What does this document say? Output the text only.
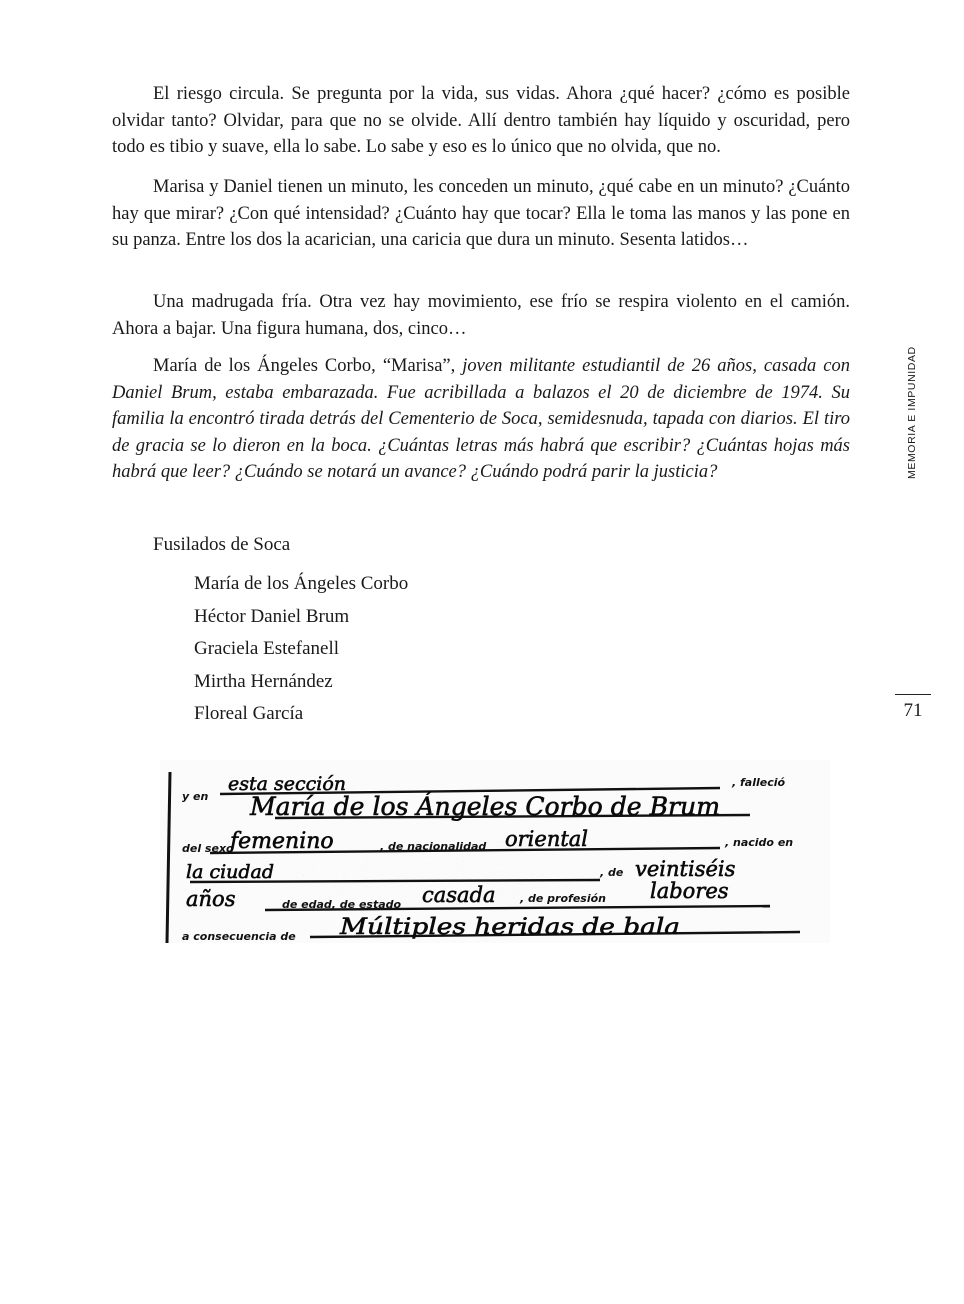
El riesgo circula. Se pregunta por la vida, sus vidas. Ahora ¿qué hacer? ¿cómo es posible olvidar tanto? Olvidar, para que no se olvide. Allí dentro también hay líquido y oscuridad, pero todo es tibio y suave, ella lo sabe. Lo sabe y eso es lo único que no olvida, que no.

Marisa y Daniel tienen un minuto, les conceden un minuto, ¿qué cabe en un minuto? ¿Cuánto hay que mirar? ¿Con qué intensidad? ¿Cuánto hay que tocar? Ella le toma las manos y las pone en su panza. Entre los dos la acarician, una caricia que dura un minuto. Sesenta latidos…

Una madrugada fría. Otra vez hay movimiento, ese frío se respira violento en el camión. Ahora a bajar. Una figura humana, dos, cinco…

María de los Ángeles Corbo, “Marisa”, joven militante estudiantil de 26 años, casada con Daniel Brum, estaba embarazada. Fue acribillada a balazos el 20 de diciembre de 1974. Su familia la encontró tirada detrás del Cementerio de Soca, semidesnuda, tapada con diarios. El tiro de gracia se lo dieron en la boca. ¿Cuántas letras más habrá que escribir? ¿Cuántas hojas más habrá que leer? ¿Cuándo se notará un avance? ¿Cuándo podrá parir la justicia?

Fusilados de Soca

María de los Ángeles Corbo
Héctor Daniel Brum
Graciela Estefanell
Mirtha Hernández
Floreal García
MEMORIA E IMPUNIDAD
71
y en
, falleció
del sexo	, de nacionalidad	, nacido en
, de
de edad, de estado	, de profesión
a consecuencia de
esta sección
María de los Ángeles Corbo de Brum
femenino	oriental
la ciudad	veintiséis
años	casada	labores
Múltiples heridas de bala
